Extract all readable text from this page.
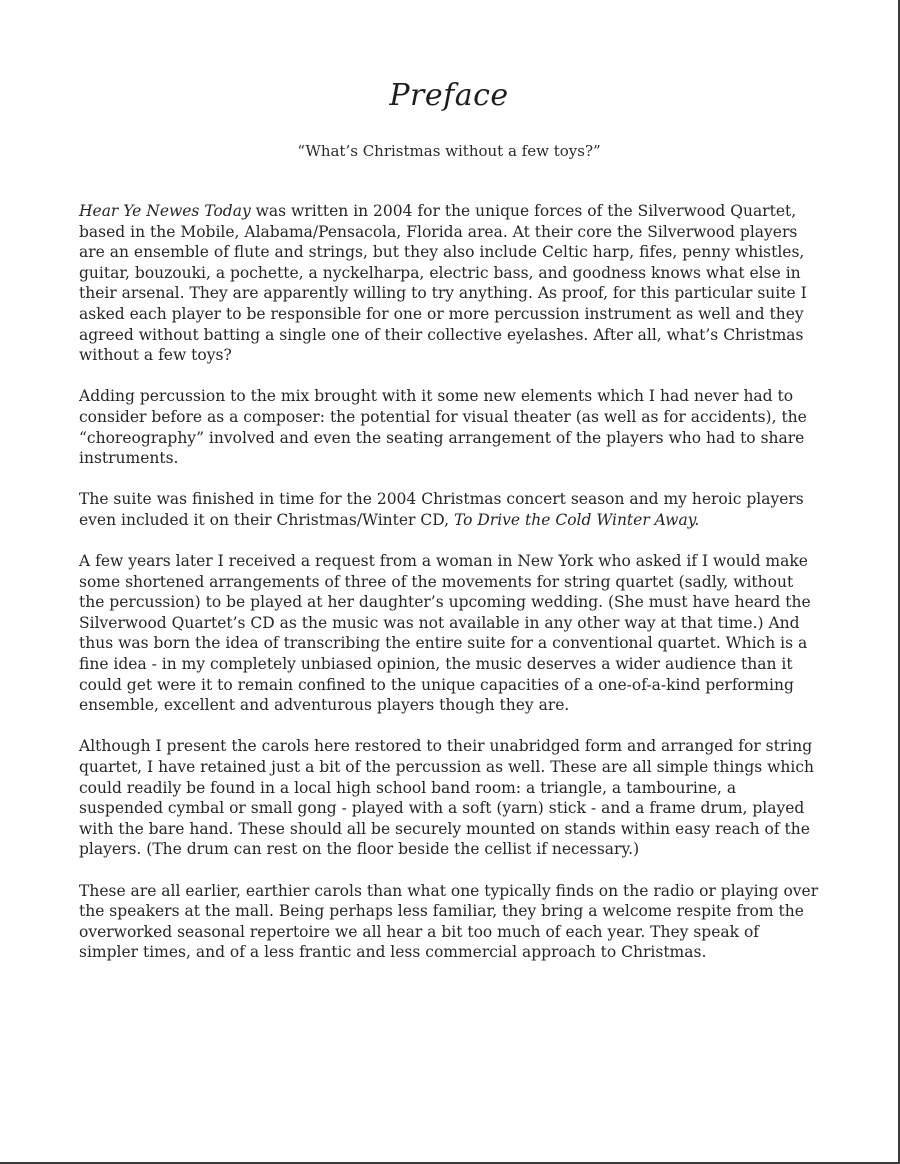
Preface
“What’s Christmas without a few toys?”

Hear Ye Newes Today was written in 2004 for the unique forces of the Silverwood Quartet, based in the Mobile, Alabama/Pensacola, Florida area. At their core the Silverwood players are an ensemble of flute and strings, but they also include Celtic harp, fifes, penny whistles, guitar, bouzouki, a pochette, a nyckelharpa, electric bass, and goodness knows what else in their arsenal. They are apparently willing to try anything. As proof, for this particular suite I asked each player to be responsible for one or more percussion instrument as well and they agreed without batting a single one of their collective eyelashes. After all, what’s Christmas without a few toys?

Adding percussion to the mix brought with it some new elements which I had never had to consider before as a composer: the potential for visual theater (as well as for accidents), the “choreography” involved and even the seating arrangement of the players who had to share instruments.

The suite was finished in time for the 2004 Christmas concert season and my heroic players even included it on their Christmas/Winter CD, To Drive the Cold Winter Away.

A few years later I received a request from a woman in New York who asked if I would make some shortened arrangements of three of the movements for string quartet (sadly, without the percussion) to be played at her daughter’s upcoming wedding. (She must have heard the Silverwood Quartet’s CD as the music was not available in any other way at that time.) And thus was born the idea of transcribing the entire suite for a conventional quartet. Which is a fine idea - in my completely unbiased opinion, the music deserves a wider audience than it could get were it to remain confined to the unique capacities of a one-of-a-kind performing ensemble, excellent and adventurous players though they are.

Although I present the carols here restored to their unabridged form and arranged for string quartet, I have retained just a bit of the percussion as well. These are all simple things which could readily be found in a local high school band room: a triangle, a tambourine, a suspended cymbal or small gong - played with a soft (yarn) stick - and a frame drum, played with the bare hand. These should all be securely mounted on stands within easy reach of the players. (The drum can rest on the floor beside the cellist if necessary.)

These are all earlier, earthier carols than what one typically finds on the radio or playing over the speakers at the mall. Being perhaps less familiar, they bring a welcome respite from the overworked seasonal repertoire we all hear a bit too much of each year. They speak of simpler times, and of a less frantic and less commercial approach to Christmas.
